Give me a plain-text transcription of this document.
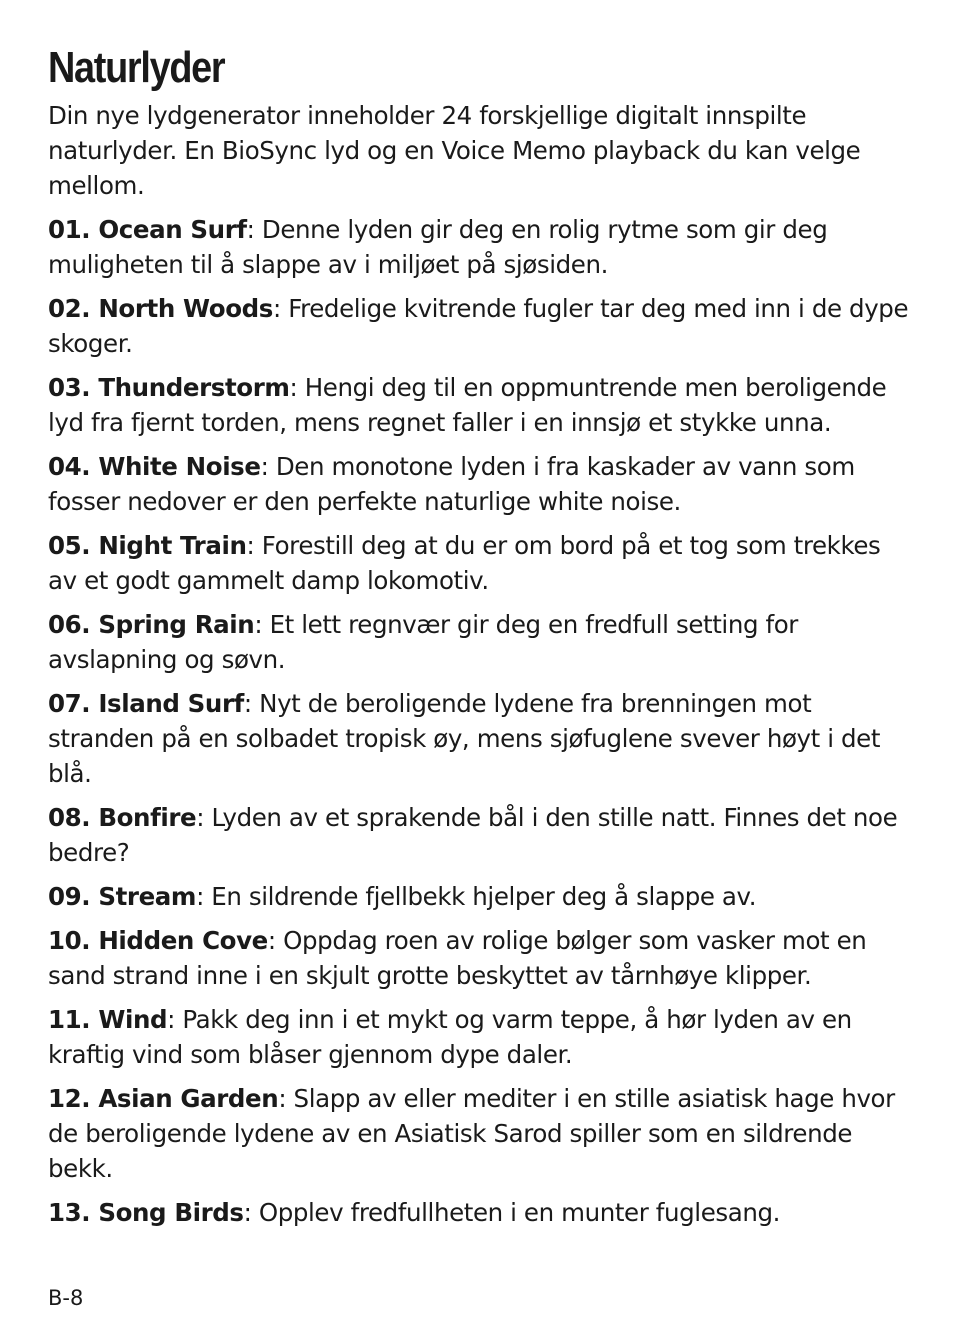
Naturlyder

Din nye lydgenerator inneholder 24 forskjellige digitalt innspilte naturlyder. En BioSync lyd og en Voice Memo playback du kan velge mellom.

01. Ocean Surf: Denne lyden gir deg en rolig rytme som gir deg muligheten til å slappe av i miljøet på sjøsiden.

02. North Woods: Fredelige kvitrende fugler tar deg med inn i de dype skoger.

03. Thunderstorm: Hengi deg til en oppmuntrende men beroligende lyd fra fjernt torden, mens regnet faller i en innsjø et stykke unna.

04. White Noise: Den monotone lyden i fra kaskader av vann som fosser nedover er den perfekte naturlige white noise.

05. Night Train: Forestill deg at du er om bord på et tog som trekkes av et godt gammelt damp lokomotiv.

06. Spring Rain: Et lett regnvær gir deg en fredfull setting for avslapning og søvn.

07. Island Surf: Nyt de beroligende lydene fra brenningen mot stranden på en solbadet tropisk øy, mens sjøfuglene svever høyt i det blå.

08. Bonfire: Lyden av et sprakende bål i den stille natt. Finnes det noe bedre?

09. Stream: En sildrende fjellbekk hjelper deg å slappe av.

10. Hidden Cove: Oppdag roen av rolige bølger som vasker mot en sand strand inne i en skjult grotte beskyttet av tårnhøye klipper.

11. Wind: Pakk deg inn i et mykt og varm teppe, å hør lyden av en kraftig vind som blåser gjennom dype daler.

12. Asian Garden: Slapp av eller mediter i en stille asiatisk hage hvor de beroligende lydene av en Asiatisk Sarod spiller som en sildrende bekk.

13. Song Birds: Opplev fredfullheten i en munter fuglesang.

B-8
